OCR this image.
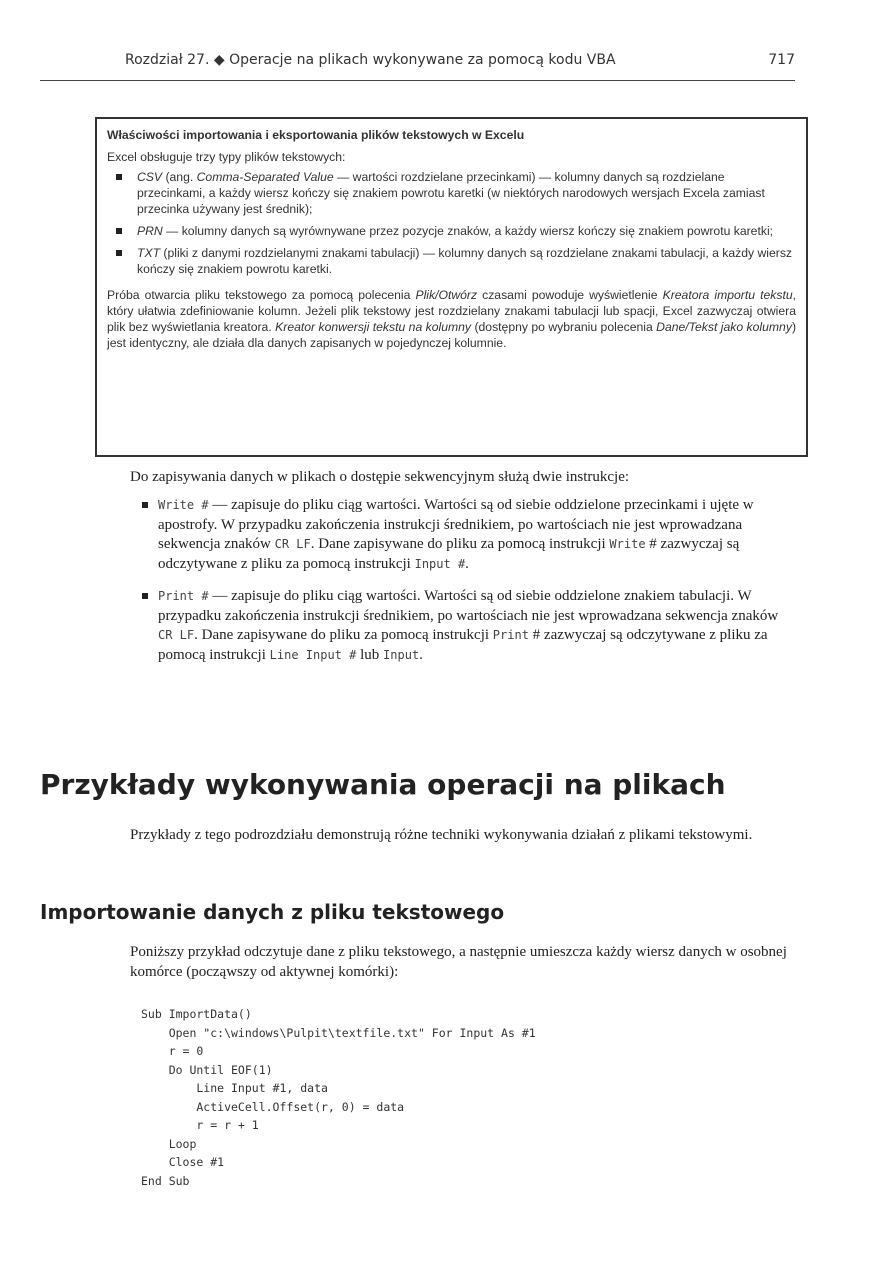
Rozdział 27. ◆ Operacje na plikach wykonywane za pomocą kodu VBA	717
Właściwości importowania i eksportowania plików tekstowych w Excelu
Excel obsługuje trzy typy plików tekstowych:
CSV (ang. Comma-Separated Value — wartości rozdzielane przecinkami) — kolumny danych są rozdzielane przecinkami, a każdy wiersz kończy się znakiem powrotu karetki (w niektórych narodowych wersjach Excela zamiast przecinka używany jest średnik);
PRN — kolumny danych są wyrównywane przez pozycje znaków, a każdy wiersz kończy się znakiem powrotu karetki;
TXT (pliki z danymi rozdzielanymi znakami tabulacji) — kolumny danych są rozdzielane znakami tabulacji, a każdy wiersz kończy się znakiem powrotu karetki.
Próba otwarcia pliku tekstowego za pomocą polecenia Plik/Otwórz czasami powoduje wyświetlenie Kreatora importu tekstu, który ułatwia zdefiniowanie kolumn. Jeżeli plik tekstowy jest rozdzielany znakami tabulacji lub spacji, Excel zazwyczaj otwiera plik bez wyświetlania kreatora. Kreator konwersji tekstu na kolumny (dostępny po wybraniu polecenia Dane/Tekst jako kolumny) jest identyczny, ale działa dla danych zapisanych w pojedynczej kolumnie.
Do zapisywania danych w plikach o dostępie sekwencyjnym służą dwie instrukcje:
Write # — zapisuje do pliku ciąg wartości. Wartości są od siebie oddzielone przecinkami i ujęte w apostrofy. W przypadku zakończenia instrukcji średnikiem, po wartościach nie jest wprowadzana sekwencja znaków CR LF. Dane zapisywane do pliku za pomocą instrukcji Write # zazwyczaj są odczytywane z pliku za pomocą instrukcji Input #.
Print # — zapisuje do pliku ciąg wartości. Wartości są od siebie oddzielone znakiem tabulacji. W przypadku zakończenia instrukcji średnikiem, po wartościach nie jest wprowadzana sekwencja znaków CR LF. Dane zapisywane do pliku za pomocą instrukcji Print # zazwyczaj są odczytywane z pliku za pomocą instrukcji Line Input # lub Input.
Przykłady wykonywania operacji na plikach
Przykłady z tego podrozdziału demonstrują różne techniki wykonywania działań z plikami tekstowymi.
Importowanie danych z pliku tekstowego
Poniższy przykład odczytuje dane z pliku tekstowego, a następnie umieszcza każdy wiersz danych w osobnej komórce (począwszy od aktywnej komórki):
Sub ImportData()
Open "c:\windows\Pulpit\textfile.txt" For Input As #1
r = 0
Do Until EOF(1)
Line Input #1, data
ActiveCell.Offset(r, 0) = data
r = r + 1
Loop
Close #1
End Sub
